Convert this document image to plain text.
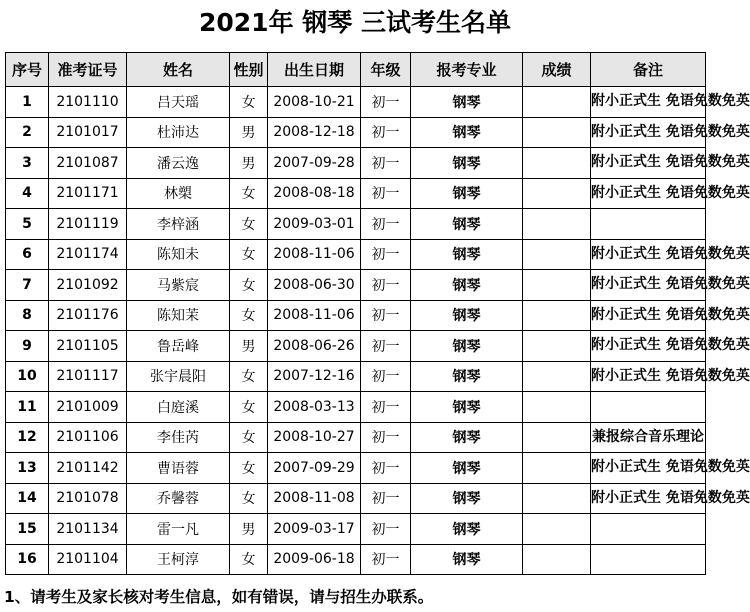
2021年 钢琴 三试考生名单
序号	准考证号	姓名	性别	出生日期	年级	报考专业	成绩	备注
1	2101110	吕天瑶	女	2008-10-21	初一	钢琴		附小正式生 免语免数免英
2	2101017	杜沛达	男	2008-12-18	初一	钢琴		附小正式生 免语免数免英
3	2101087	潘云逸	男	2007-09-28	初一	钢琴		附小正式生 免语免数免英
4	2101171	林槊	女	2008-08-18	初一	钢琴		附小正式生 免语免数免英
5	2101119	李梓涵	女	2009-03-01	初一	钢琴		
6	2101174	陈知未	女	2008-11-06	初一	钢琴		附小正式生 免语免数免英
7	2101092	马紫宸	女	2008-06-30	初一	钢琴		附小正式生 免语免数免英
8	2101176	陈知茉	女	2008-11-06	初一	钢琴		附小正式生 免语免数免英
9	2101105	鲁岳峰	男	2008-06-26	初一	钢琴		附小正式生 免语免数免英
10	2101117	张宇晨阳	女	2007-12-16	初一	钢琴		附小正式生 免语免数免英
11	2101009	白庭溪	女	2008-03-13	初一	钢琴		
12	2101106	李佳芮	女	2008-10-27	初一	钢琴		兼报综合音乐理论
13	2101142	曹语蓉	女	2007-09-29	初一	钢琴		附小正式生 免语免数免英
14	2101078	乔馨蓉	女	2008-11-08	初一	钢琴		附小正式生 免语免数免英
15	2101134	雷一凡	男	2009-03-17	初一	钢琴		
16	2101104	王柯淳	女	2009-06-18	初一	钢琴		
1、请考生及家长核对考生信息，如有错误，请与招生办联系。
